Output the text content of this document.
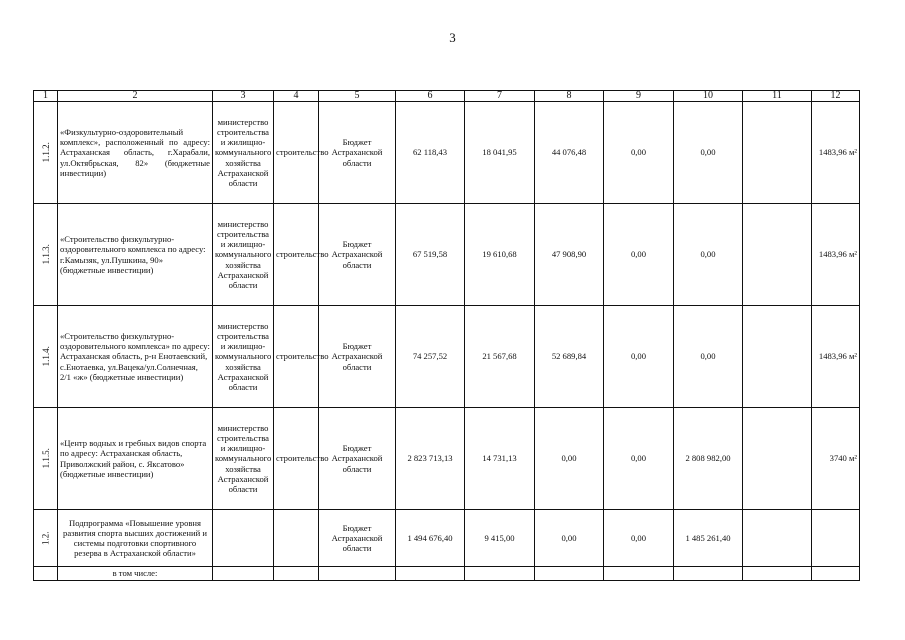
3
1	2	3	4	5	6	7	8	9	10	11	12
1.1.2.	«Физкультурно-оздоровительный комплекс», расположенный по адресу: Астраханская область, г.Харабали, ул.Октябрьская, 82» (бюджетные инвестиции)	министерство строительства и жилищно-коммунального хозяйства Астраханской области	строительство	Бюджет Астраханской области	62 118,43	18 041,95	44 076,48	0,00	0,00		1483,96 м²
1.1.3.	«Строительство физкультурно-оздоровительного комплекса по адресу: г.Камызяк, ул.Пушкина, 90» (бюджетные инвестиции)	министерство строительства и жилищно-коммунального хозяйства Астраханской области	строительство	Бюджет Астраханской области	67 519,58	19 610,68	47 908,90	0,00	0,00		1483,96 м²
1.1.4.	«Строительство физкультурно-оздоровительного комплекса» по адресу: Астраханская область, р-н Енотаевский, с.Енотаевка, ул.Вацека/ул.Солнечная, 2/1 «ж» (бюджетные инвестиции)	министерство строительства и жилищно-коммунального хозяйства Астраханской области	строительство	Бюджет Астраханской области	74 257,52	21 567,68	52 689,84	0,00	0,00		1483,96 м²
1.1.5.	«Центр водных и гребных видов спорта по адресу: Астраханская область, Приволжский район, с. Яксатово» (бюджетные инвестиции)	министерство строительства и жилищно-коммунального хозяйства Астраханской области	строительство	Бюджет Астраханской области	2 823 713,13	14 731,13	0,00	0,00	2 808 982,00		3740 м²
1.2.	Подпрограмма «Повышение уровня развития спорта высших достижений и системы подготовки спортивного резерва в Астраханской области»			Бюджет Астраханской области	1 494 676,40	9 415,00	0,00	0,00	1 485 261,40		
	в том числе:										
